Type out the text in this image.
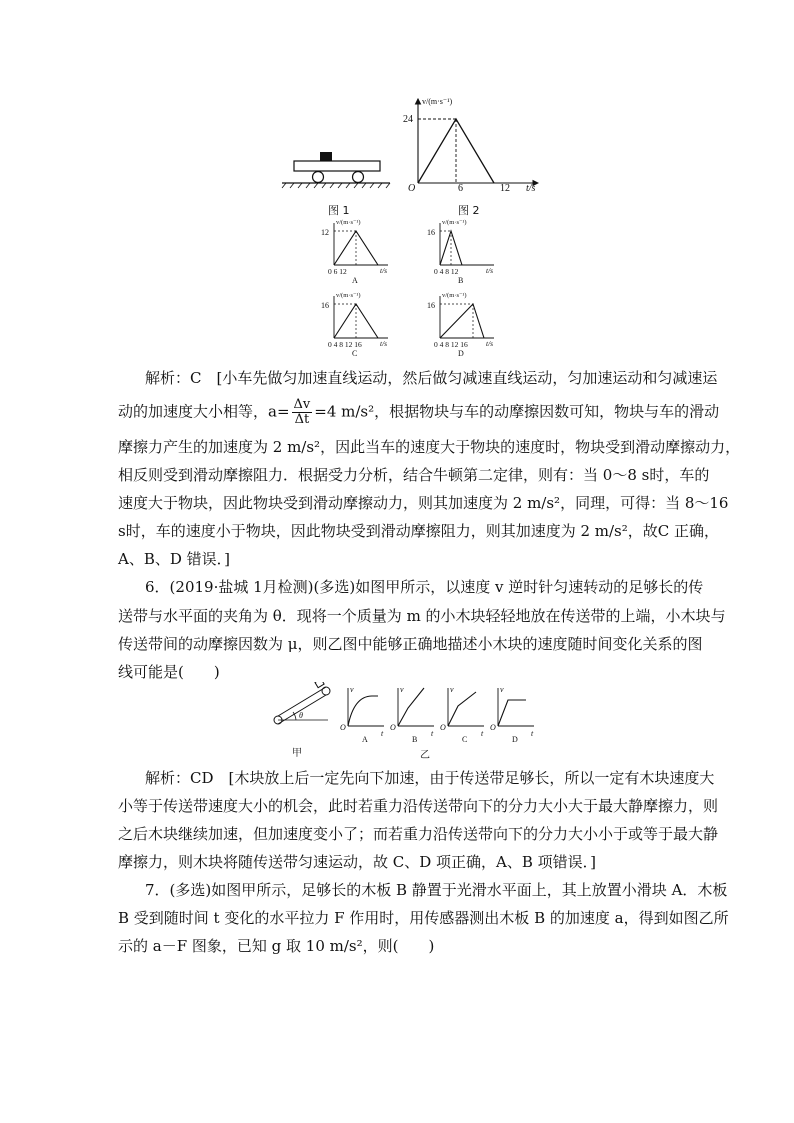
图 1
v/(m·s⁻¹)
24
O	6	12 t/s
图 2
v/(m·s⁻¹)
12
0 6 12	t/s
A
v/(m·s⁻¹)
16
0 4 8 12	t/s
B
v/(m·s⁻¹)
16
0 4 8 12 16 t/s
C
v/(m·s⁻¹)
16
0 4 8 12 16 t/s
D
解析：C　[小车先做匀加速直线运动，然后做匀减速直线运动，匀加速运动和匀减速运
动的加速度大小相等，$a= \frac{\Delta v}{\Delta t} =4$ m/s²，根据物块与车的动摩擦因数可知，物块与车的滑动
摩擦力产生的加速度为 2 m/s²，因此当车的速度大于物块的速度时，物块受到滑动摩擦动力，
相反则受到滑动摩擦阻力．根据受力分析，结合牛顿第二定律，则有：当 0～8 s时，车的
速度大于物块，因此物块受到滑动摩擦动力，则其加速度为 2 m/s²，同理，可得：当 8～16
s时，车的速度小于物块，因此物块受到滑动摩擦阻力，则其加速度为 2 m/s²，故C 正确，
A、B、D 错误．]
6．(2019·盐城 1月检测)(多选)如图甲所示，以速度 v 逆时针匀速转动的足够长的传
送带与水平面的夹角为 θ．现将一个质量为 m 的小木块轻轻地放在传送带的上端，小木块与
传送带间的动摩擦因数为 μ，则乙图中能够正确地描述小木块的速度随时间变化关系的图
线可能是(　　)
θ
甲
v
t
O
A
v
t
O
B
v
t
O
C
v
t
O
D
乙
解析：CD　[木块放上后一定先向下加速，由于传送带足够长，所以一定有木块速度大
小等于传送带速度大小的机会，此时若重力沿传送带向下的分力大小大于最大静摩擦力，则
之后木块继续加速，但加速度变小了；而若重力沿传送带向下的分力大小小于或等于最大静
摩擦力，则木块将随传送带匀速运动，故 C、D 项正确，A、B 项错误．]
7．(多选)如图甲所示，足够长的木板 B 静置于光滑水平面上，其上放置小滑块 A．木板
B 受到随时间 t 变化的水平拉力 F 作用时，用传感器测出木板 B 的加速度 a，得到如图乙所
示的 a－F 图象，已知 g 取 10 m/s²，则(　　)
